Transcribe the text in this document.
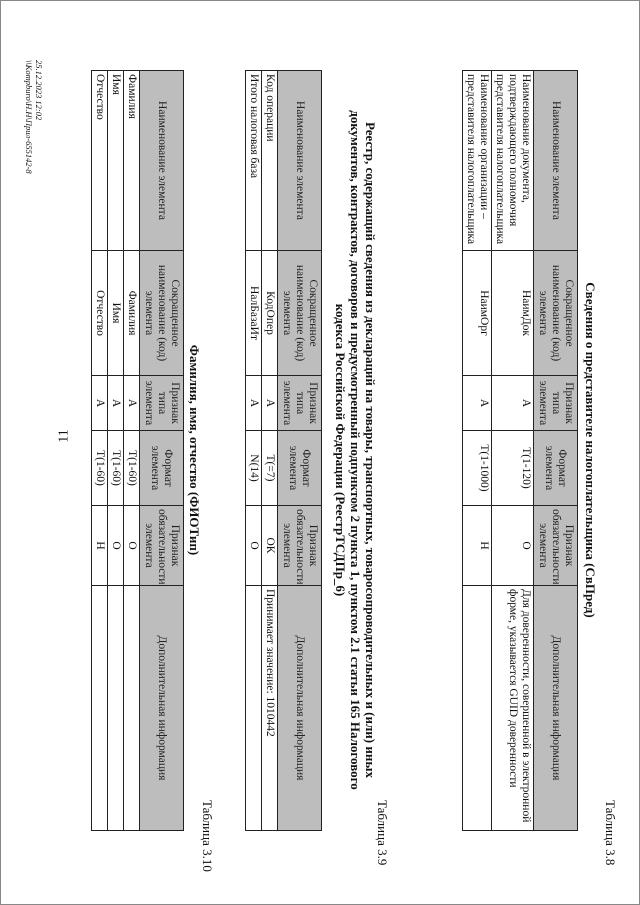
11
Таблица 3.8
Сведения о представителе налогоплательщика (СвПред)
Наименование элемента	Сокращенное наименование (код) элемента	Признак типа элемента	Формат элемента	Признак обязательности элемента	Дополнительная информация
Наименование документа, подтверждающего полномочия представителя налогоплательщика	НаимДок	А	T(1-120)	О	Для доверенности, совершенной в электронной форме, указывается GUID доверенности
Наименование организации – представителя налогоплательщика	НаимОрг	А	T(1-1000)	Н	
Таблица 3.9
Реестр, содержащий сведения из деклараций на товары, транспортных, товаросопроводительных и (или) иных документов, контрактов, договоров и предусмотренный подпунктом 2 пункта 1, пунктом 2.1 статьи 165 Налогового кодекса Российской Федерации (РеестрТСДПр_6)
Наименование элемента	Сокращенное наименование (код) элемента	Признак типа элемента	Формат элемента	Признак обязательности элемента	Дополнительная информация
Код операции	КодОпер	А	T(=7)	ОК	Принимает значение: 1010442
Итого налоговая база	НалБазаИт	А	N(14)	О	
Таблица 3.10
Фамилия, имя, отчество (ФИОТип)
Наименование элемента	Сокращенное наименование (код) элемента	Признак типа элемента	Формат элемента	Признак обязательности элемента	Дополнительная информация
Фамилия	Фамилия	А	T(1-60)	О	
Имя	Имя	А	T(1-60)	О	
Отчество	Отчество	А	T(1-60)	Н	
25.12.2023 12:02
\\Kompburo\Н.Н\Прил-655142-8
